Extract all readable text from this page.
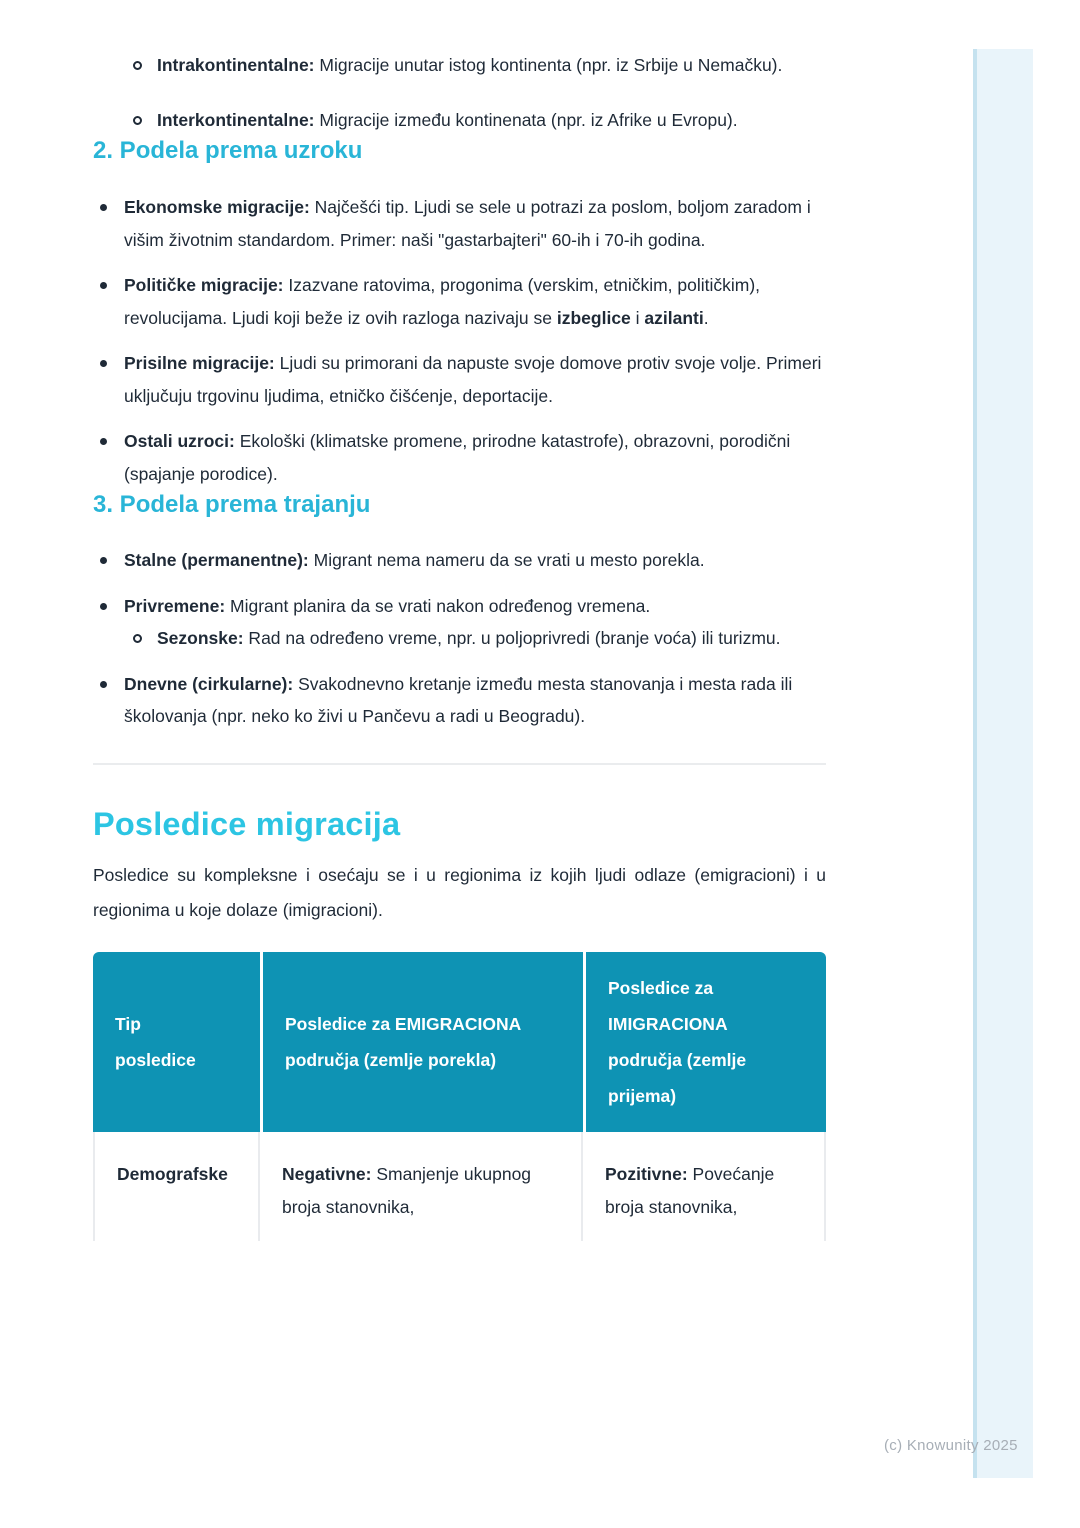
(c) Knowunity 2025
Intrakontinentalne: Migracije unutar istog kontinenta (npr. iz Srbije u Nemačku).
Interkontinentalne: Migracije između kontinenata (npr. iz Afrike u Evropu).
2. Podela prema uzroku
Ekonomske migracije: Najčešći tip. Ljudi se sele u potrazi za poslom, boljom zaradom i višim životnim standardom. Primer: naši "gastarbajteri" 60-ih i 70-ih godina.
Političke migracije: Izazvane ratovima, progonima (verskim, etničkim, političkim), revolucijama. Ljudi koji beže iz ovih razloga nazivaju se izbeglice i azilanti.
Prisilne migracije: Ljudi su primorani da napuste svoje domove protiv svoje volje. Primeri uključuju trgovinu ljudima, etničko čišćenje, deportacije.
Ostali uzroci: Ekološki (klimatske promene, prirodne katastrofe), obrazovni, porodični (spajanje porodice).
3. Podela prema trajanju
Stalne (permanentne): Migrant nema nameru da se vrati u mesto porekla.
Privremene: Migrant planira da se vrati nakon određenog vremena.
Sezonske: Rad na određeno vreme, npr. u poljoprivredi (branje voća) ili turizmu.
Dnevne (cirkularne): Svakodnevno kretanje između mesta stanovanja i mesta rada ili školovanja (npr. neko ko živi u Pančevu a radi u Beogradu).
Posledice migracija

Posledice su kompleksne i osećaju se i u regionima iz kojih ljudi odlaze (emigracioni) i u regionima u koje dolaze (imigracioni).

Tip posledice	Posledice za EMIGRACIONA područja (zemlje porekla)	Posledice za IMIGRACIONA područja (zemlje prijema)
Demografske	Negativne: Smanjenje ukupnog broja stanovnika,	Pozitivne: Povećanje broja stanovnika,
